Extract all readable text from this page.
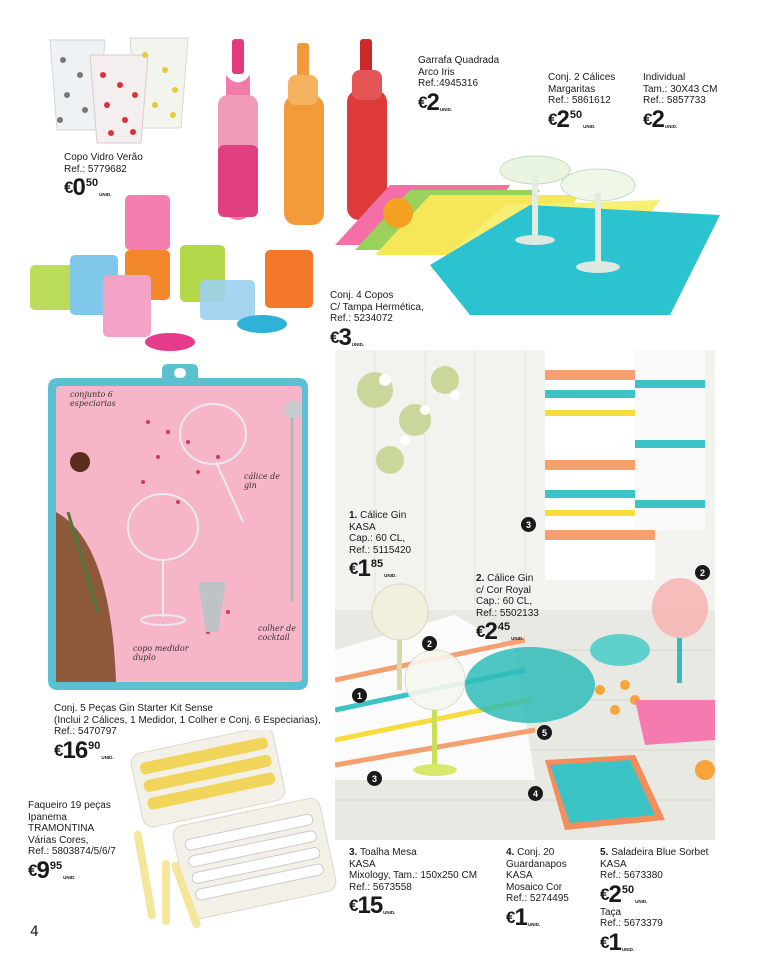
conjunto 6
especiarias
cálice de
gin
copo medidor
duplo
colher de
cocktail
Copo Vidro Verão
Ref.: 5779682
€ 0 50
UNID.
Garrafa Quadrada
Arco Iris
Ref.:4945316
€ 2 UNID.
Conj. 2 Cálices
Margaritas
Ref.: 5861612
€ 2 50
UNID.
Individual
Tam.: 30X43 CM
Ref.: 5857733
€ 2 UNID.
Conj. 4 Copos
C/ Tampa Hermética,
Ref.: 5234072
€ 3 UNID.
Conj. 5 Peças Gin Starter Kit Sense
(Inclui 2 Cálices, 1 Medidor, 1 Colher e Conj. 6 Especiarias),
Ref.: 5470797
€ 16 90
UNID.
Faqueiro 19 peças
Ipanema
TRAMONTINA
Várias Cores,
Ref.: 5803874/5/6/7
€ 9 95
UNID.
1. Cálice Gin
KASA
Cap.: 60 CL,
Ref.: 5115420
€ 1 85
UNID.	2. Cálice Gin
c/ Cor Royal
Cap.: 60 CL,
Ref.: 5502133
€ 2 45
UNID.
3. Toalha Mesa
KASA
Mixology, Tam.: 150x250 CM
Ref.: 5673558
€ 15 UNID.
4. Conj. 20
Guardanapos
KASA
Mosaico Cor
Ref.: 5274495
€ 1 UNID.
5. Saladeira Blue Sorbet
KASA
Ref.: 5673380
€ 2 50
UNID.
Taça
Ref.: 5673379
€ 1 UNID.
3
2
2
1
5
3
4
4
